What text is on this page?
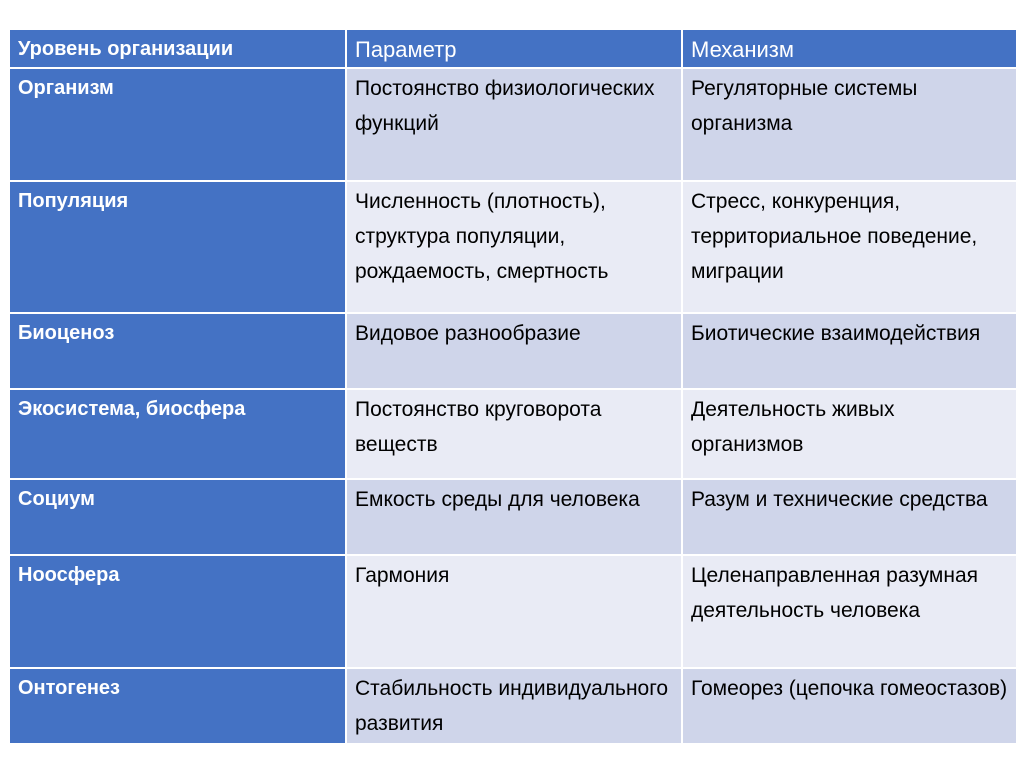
Уровень организации	Параметр	Механизм
Организм	Постоянство физиологических функций	Регуляторные системы организма
Популяция	Численность (плотность), структура популяции, рождаемость, смертность	Стресс, конкуренция, территориальное поведение, миграции
Биоценоз	Видовое разнообразие	Биотические взаимодействия
Экосистема, биосфера	Постоянство круговорота веществ	Деятельность живых организмов
Социум	Емкость среды для человека	Разум и технические средства
Ноосфера	Гармония	Целенаправленная разумная деятельность человека
Онтогенез	Стабильность индивидуального развития	Гомеорез (цепочка гомеостазов)
